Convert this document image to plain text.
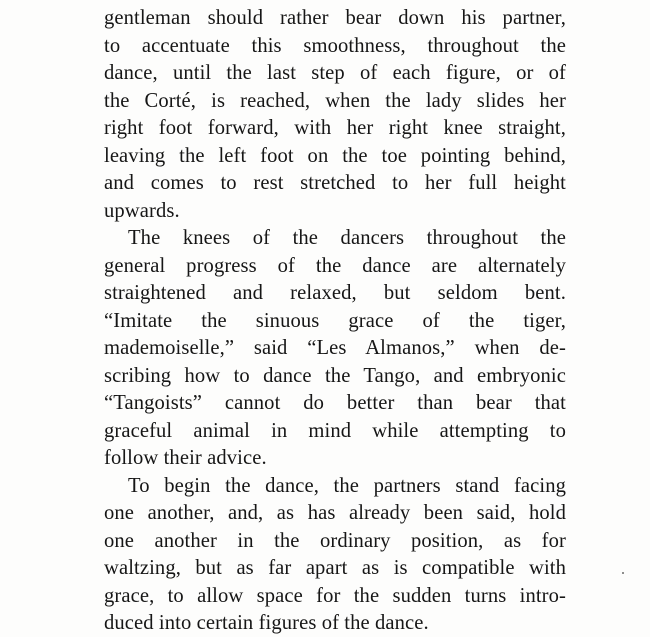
gentleman should rather bear down his partner,
to accentuate this smoothness, throughout the
dance, until the last step of each figure, or of
the Corté, is reached, when the lady slides her
right foot forward, with her right knee straight,
leaving the left foot on the toe pointing behind,
and comes to rest stretched to her full height
upwards.

The knees of the dancers throughout the
general progress of the dance are alternately
straightened and relaxed, but seldom bent.
“Imitate the sinuous grace of the tiger,
mademoiselle,” said “Les Almanos,” when de-
scribing how to dance the Tango, and embryonic
“Tangoists” cannot do better than bear that
graceful animal in mind while attempting to
follow their advice.

To begin the dance, the partners stand facing
one another, and, as has already been said, hold
one another in the ordinary position, as for
waltzing, but as far apart as is compatible with
grace, to allow space for the sudden turns intro-
duced into certain figures of the dance.
